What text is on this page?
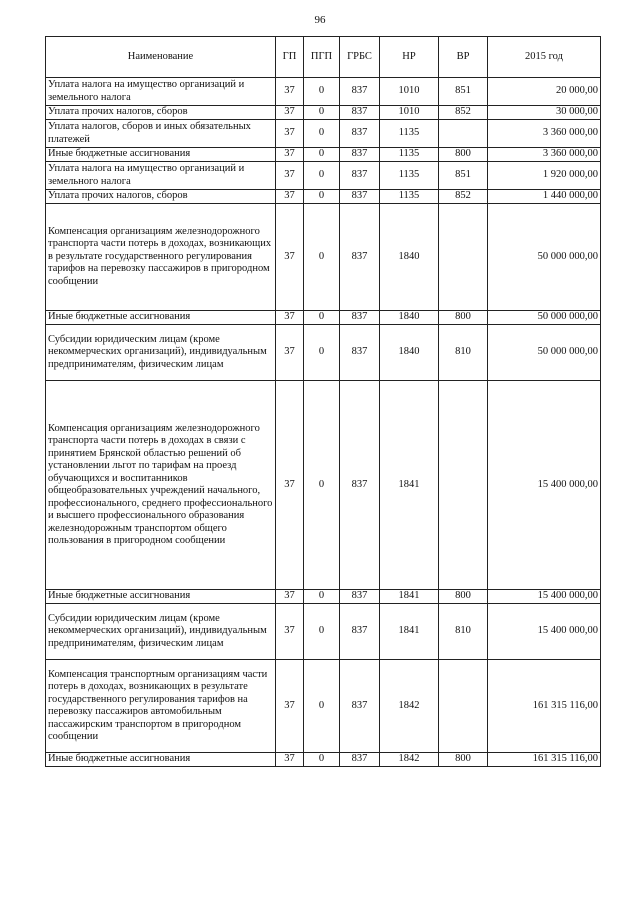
96
Наименование	ГП	ПГП	ГРБС	НР	ВР	2015 год
Уплата налога на имущество организаций и земельного налога	37	0	837	1010	851	20 000,00
Уплата прочих налогов, сборов	37	0	837	1010	852	30 000,00
Уплата налогов, сборов и иных обязательных платежей	37	0	837	1135		3 360 000,00
Иные бюджетные ассигнования	37	0	837	1135	800	3 360 000,00
Уплата налога на имущество организаций и земельного налога	37	0	837	1135	851	1 920 000,00
Уплата прочих налогов, сборов	37	0	837	1135	852	1 440 000,00
Компенсация организациям железнодорожного транспорта части потерь в доходах, возникающих в результате государственного регулирования тарифов на перевозку пассажиров в пригородном сообщении	37	0	837	1840		50 000 000,00
Иные бюджетные ассигнования	37	0	837	1840	800	50 000 000,00
Субсидии юридическим лицам (кроме некоммерческих организаций), индивидуальным предпринимателям, физическим лицам	37	0	837	1840	810	50 000 000,00
Компенсация организациям железнодорожного транспорта части потерь в доходах в связи с принятием Брянской областью решений об установлении льгот по тарифам на проезд обучающихся и воспитанников общеобразовательных учреждений начального, профессионального, среднего профессионального и высшего профессионального образования железнодорожным транспортом общего пользования в пригородном сообщении	37	0	837	1841		15 400 000,00
Иные бюджетные ассигнования	37	0	837	1841	800	15 400 000,00
Субсидии юридическим лицам (кроме некоммерческих организаций), индивидуальным предпринимателям, физическим лицам	37	0	837	1841	810	15 400 000,00
Компенсация транспортным организациям части потерь в доходах, возникающих в результате государственного регулирования тарифов на перевозку пассажиров автомобильным пассажирским транспортом в пригородном сообщении	37	0	837	1842		161 315 116,00
Иные бюджетные ассигнования	37	0	837	1842	800	161 315 116,00
